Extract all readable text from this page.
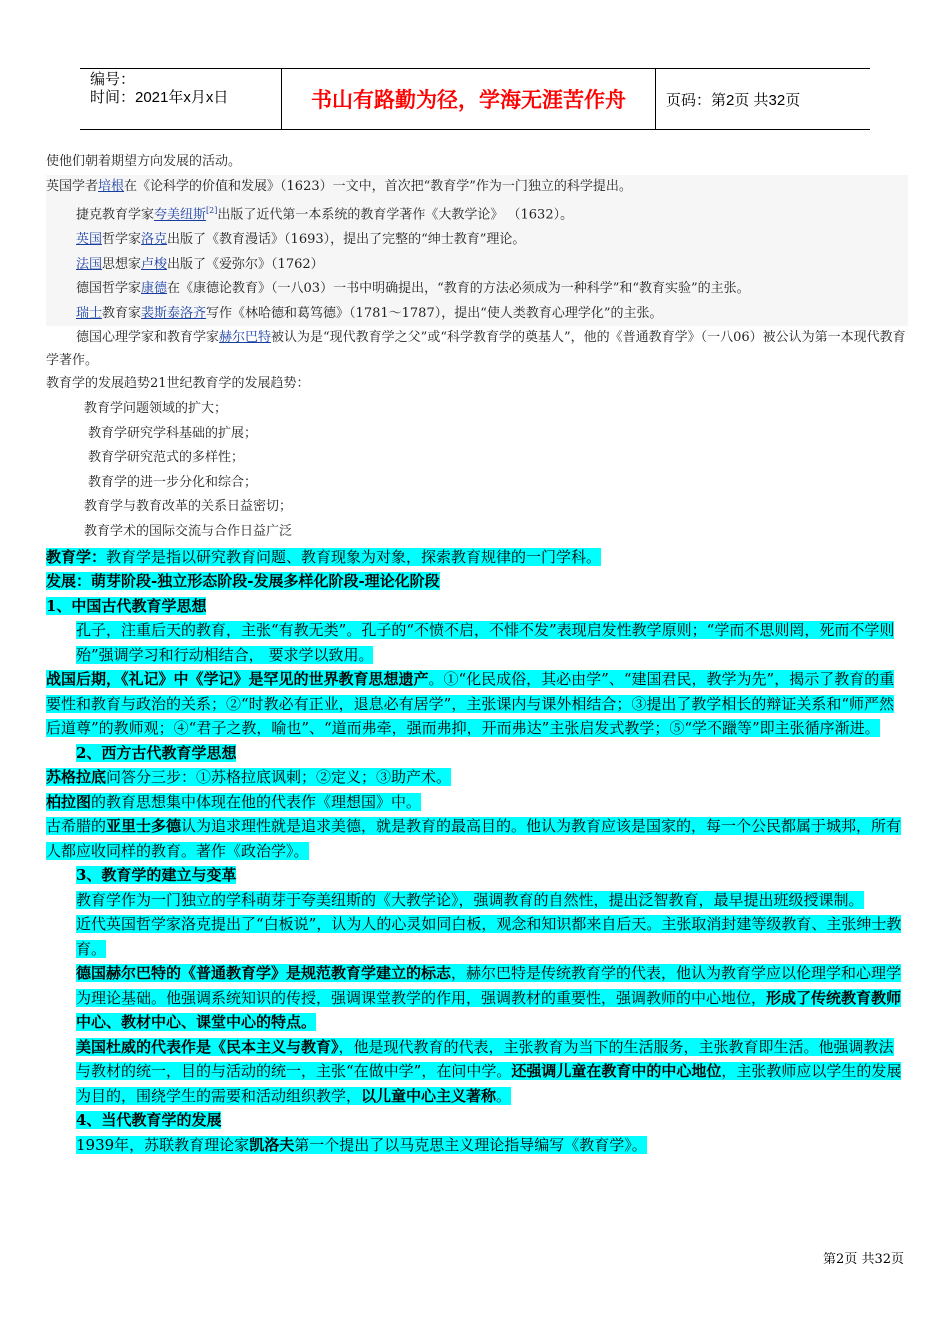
编号：
时间：2021年x月x日	书山有路勤为径，学海无涯苦作舟	页码：第2页 共32页
使他们朝着期望方向发展的活动。
英国学者培根在《论科学的价值和发展》（1623）一文中，首次把“教育学”作为一门独立的科学提出。
捷克教育学家夸美纽斯[2]出版了近代第一本系统的教育学著作《大教学论》 （1632）。
英国哲学家洛克出版了《教育漫话》（1693），提出了完整的“绅士教育”理论。
法国思想家卢梭出版了《爱弥尔》（1762）
德国哲学家康德在《康德论教育》（一八03）一书中明确提出，“教育的方法必须成为一种科学”和“教育实验”的主张。
瑞士教育家裴斯泰洛齐写作《林哈德和葛笃德》（1781～1787），提出“使人类教育心理学化”的主张。
德国心理学家和教育学家赫尔巴特被认为是“现代教育学之父”或“科学教育学的奠基人”，他的《普通教育学》（一八06）被公认为第一本现代教育学著作。
教育学的发展趋势21世纪教育学的发展趋势：
教育学问题领域的扩大；
教育学研究学科基础的扩展；
教育学研究范式的多样性；
教育学的进一步分化和综合；
教育学与教育改革的关系日益密切；
教育学术的国际交流与合作日益广泛
教育学：教育学是指以研究教育问题、教育现象为对象，探索教育规律的一门学科。
发展：萌芽阶段-独立形态阶段-发展多样化阶段-理论化阶段
1、中国古代教育学思想
孔子，注重后天的教育，主张“有教无类”。孔子的“不愤不启，不悱不发”表现启发性教学原则；“学而不思则罔，死而不学则殆”强调学习和行动相结合， 要求学以致用。
战国后期，《礼记》中《学记》是罕见的世界教育思想遗产。①“化民成俗，其必由学”、“建国君民，教学为先”，揭示了教育的重要性和教育与政治的关系；②“时教必有正业，退息必有居学”，主张课内与课外相结合；③提出了教学相长的辩证关系和“师严然后道尊”的教师观；④“君子之教，喻也”、“道而弗牵，强而弗抑，开而弗达”主张启发式教学；⑤“学不躐等”即主张循序渐进。
2、西方古代教育学思想
苏格拉底问答分三步：①苏格拉底讽刺；②定义；③助产术。
柏拉图的教育思想集中体现在他的代表作《理想国》中。
古希腊的亚里士多德认为追求理性就是追求美德，就是教育的最高目的。他认为教育应该是国家的，每一个公民都属于城邦，所有人都应收同样的教育。著作《政治学》。
3、教育学的建立与变革
教育学作为一门独立的学科萌芽于夸美纽斯的《大教学论》，强调教育的自然性，提出泛智教育，最早提出班级授课制。
近代英国哲学家洛克提出了“白板说”，认为人的心灵如同白板，观念和知识都来自后天。主张取消封建等级教育、主张绅士教育。
德国赫尔巴特的《普通教育学》是规范教育学建立的标志，赫尔巴特是传统教育学的代表，他认为教育学应以伦理学和心理学为理论基础。他强调系统知识的传授，强调课堂教学的作用，强调教材的重要性，强调教师的中心地位，形成了传统教育教师中心、教材中心、课堂中心的特点。
美国杜威的代表作是《民本主义与教育》，他是现代教育的代表，主张教育为当下的生活服务，主张教育即生活。他强调教法与教材的统一，目的与活动的统一，主张“在做中学”，在问中学。还强调儿童在教育中的中心地位，主张教师应以学生的发展为目的，围绕学生的需要和活动组织教学，以儿童中心主义著称。
4、当代教育学的发展
1939年，苏联教育理论家凯洛夫第一个提出了以马克思主义理论指导编写《教育学》。
第2页 共32页
